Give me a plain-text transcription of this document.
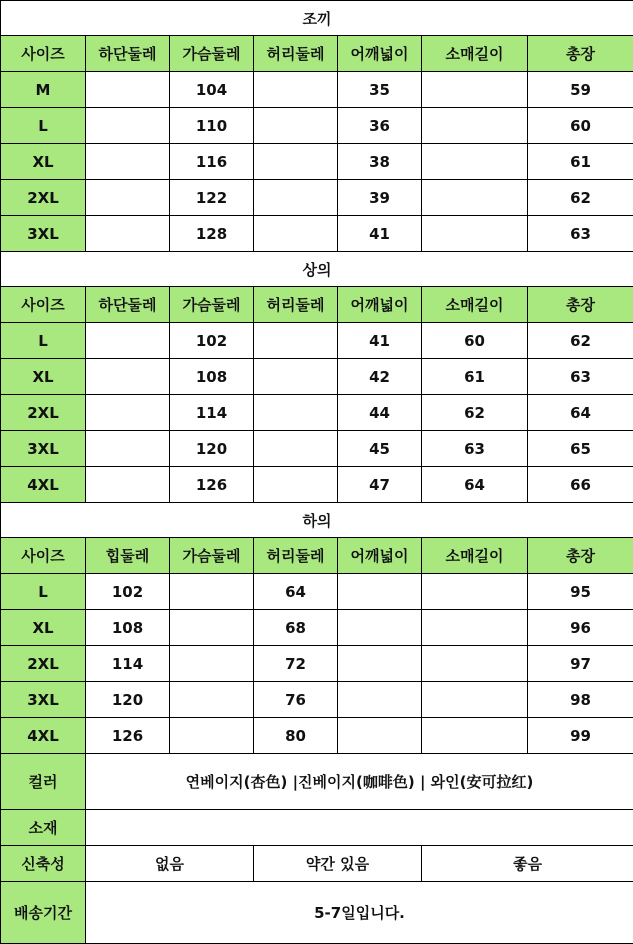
조끼						
사이즈	하단둘레	가슴둘레	허리둘레	어깨넓이	소매길이	총장
M		104		35		59
L		110		36		60
XL		116		38		61
2XL		122		39		62
3XL		128		41		63
상의						
사이즈	하단둘레	가슴둘레	허리둘레	어깨넓이	소매길이	총장
L		102		41	60	62
XL		108		42	61	63
2XL		114		44	62	64
3XL		120		45	63	65
4XL		126		47	64	66
하의						
사이즈	힙둘레	가슴둘레	허리둘레	어깨넓이	소매길이	총장
L	102		64			95
XL	108		68			96
2XL	114		72			97
3XL	120		76			98
4XL	126		80			99
컬러	연베이지(杏色) |진베이지(咖啡色) | 와인(安可拉红)					
소재						
신축성	없음		약간 있음		좋음	
배송기간	5-7일입니다.					
